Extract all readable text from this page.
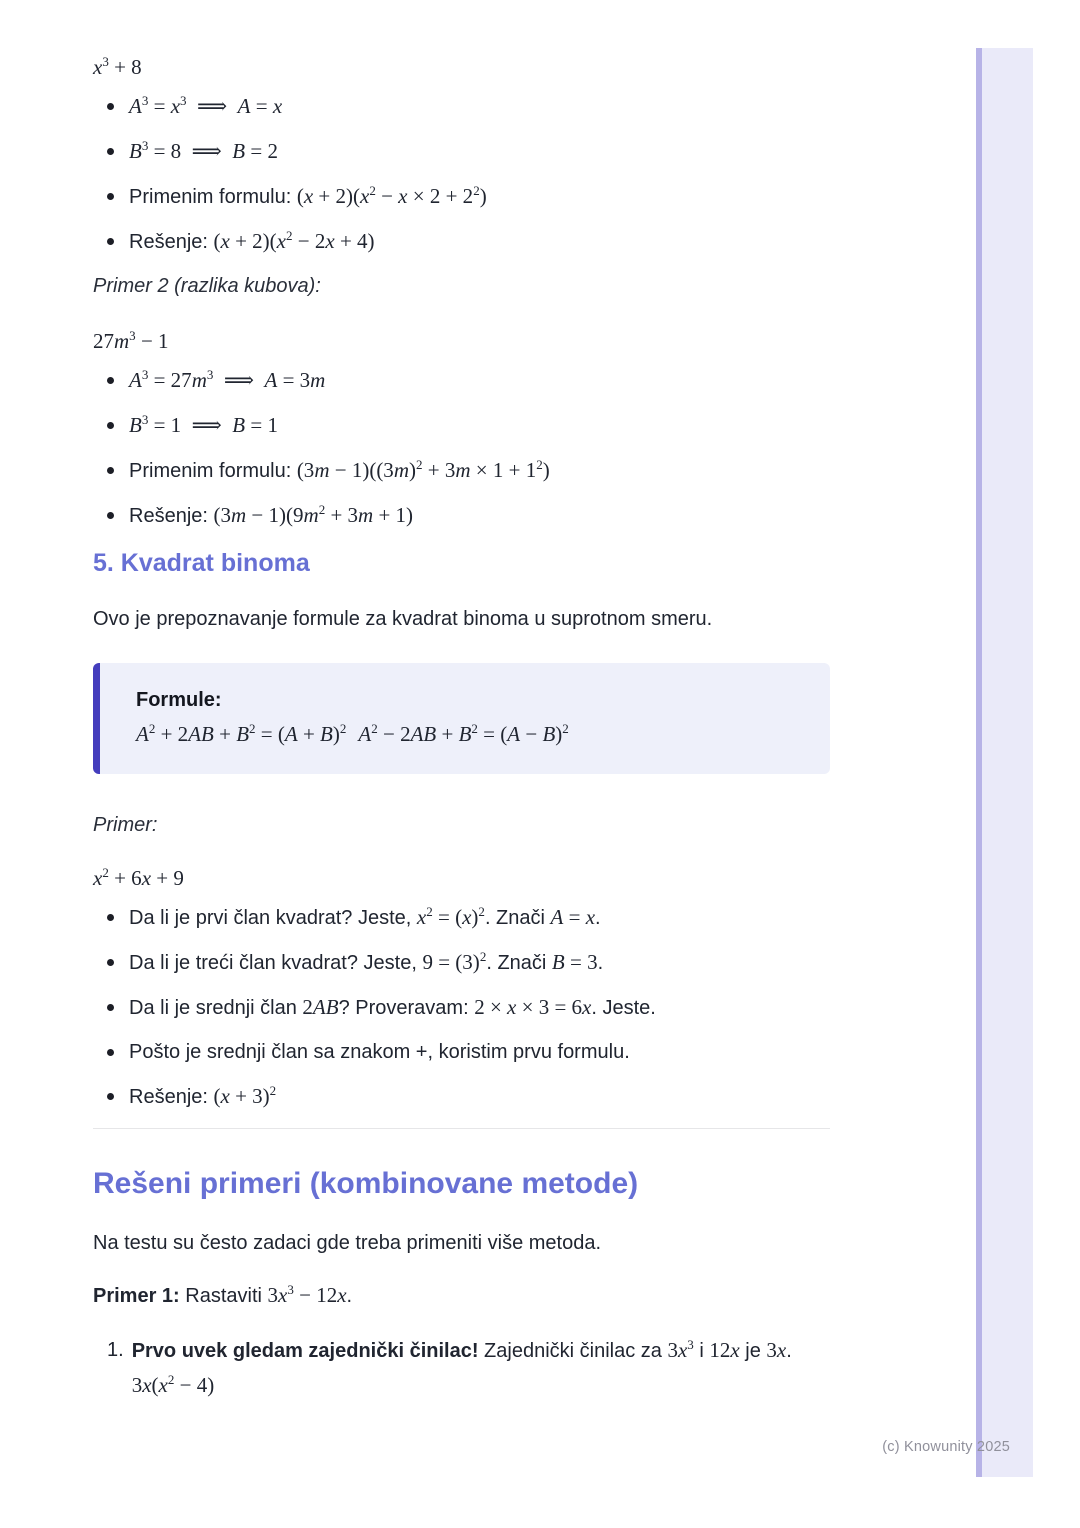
$x^3 + 8$
$A^3 = x^3$  ⟹  A = x
$B^3 = 8$  ⟹  B = 2
Primenim formulu: $(x + 2)(x^2 - x \times 2 + 2^2)$
Rešenje: $(x + 2)(x^2 - 2x + 4)$
Primer 2 (razlika kubova):
$27m^3 - 1$
$A^3 = 27m^3$  ⟹  A = 3m
$B^3 = 1$  ⟹  B = 1
Primenim formulu: $(3m - 1)((3m)^2 + 3m \times 1 + 1^2)$
Rešenje: $(3m - 1)(9m^2 + 3m + 1)$
5. Kvadrat binoma

Ovo je prepoznavanje formule za kvadrat binoma u suprotnom smeru.

Formule:
$A^2 + 2AB + B^2 = (A + B)^2$ $A^2 - 2AB + B^2 = (A - B)^2$
Primer:
$x^2 + 6x + 9$
Da li je prvi član kvadrat? Jeste, $x^2 = (x)^2$. Znači A = x.
Da li je treći član kvadrat? Jeste, $9 = (3)^2$. Znači B = 3.
Da li je srednji član 2AB? Proveravam: 2 × x × 3 = 6x. Jeste.
Pošto je srednji član sa znakom +, koristim prvu formulu.
Rešenje: $(x + 3)^2$
Rešeni primeri (kombinovane metode)

Na testu su često zadaci gde treba primeniti više metoda.

Primer 1: Rastaviti $3x^3 - 12x$.

1. Prvo uvek gledam zajednički činilac! Zajednički činilac za $3x^3$ i 12x je 3x.
$3x(x^2 - 4)$
(c) Knowunity 2025
